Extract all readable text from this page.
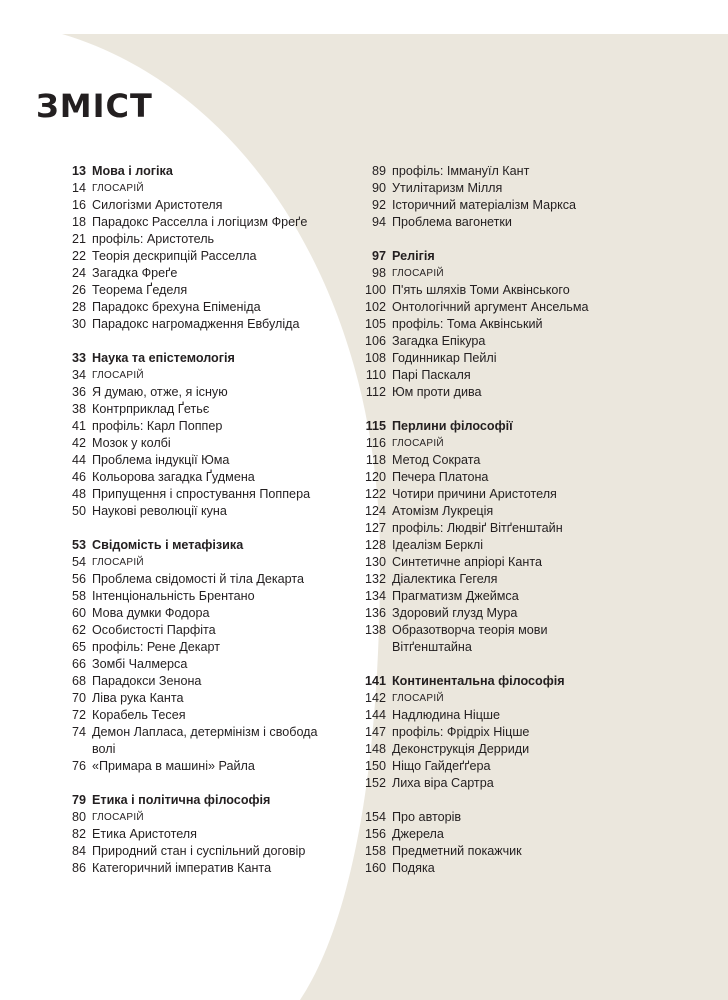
ЗМІСТ
13 Мова і логіка
14 ГЛОСАРІЙ
16 Силогізми Аристотеля
18 Парадокс Расселла і логіцизм Фреґе
21 профіль: Аристотель
22 Теорія дескрипцій Расселла
24 Загадка Фреґе
26 Теорема Ґеделя
28 Парадокс брехуна Епіменіда
30 Парадокс нагромадження Евбуліда
33 Наука та епістемологія
34 ГЛОСАРІЙ
36 Я думаю, отже, я існую
38 Контрприклад Ґетьє
41 профіль: Карл Поппер
42 Мозок у колбі
44 Проблема індукції Юма
46 Кольорова загадка Ґудмена
48 Припущення і спростування Поппера
50 Наукові революції куна
53 Свідомість і метафізика
54 ГЛОСАРІЙ
56 Проблема свідомості й тіла Декарта
58 Інтенціональність Брентано
60 Мова думки Фодора
62 Особистості Парфіта
65 профіль: Рене Декарт
66 Зомбі Чалмерса
68 Парадокси Зенона
70 Ліва рука Канта
72 Корабель Тесея
74 Демон Лапласа, детермінізм і свобода
волі
76 «Примара в машині» Райла
79 Етика і політична філософія
80 ГЛОСАРІЙ
82 Етика Аристотеля
84 Природний стан і суспільний договір
86 Категоричний імператив Канта
89 профіль: Іммануїл Кант
90 Утилітаризм Мілля
92 Історичний матеріалізм Маркса
94 Проблема вагонетки
97 Релігія
98 ГЛОСАРІЙ
100 П'ять шляхів Томи Аквінського
102 Онтологічний аргумент Ансельма
105 профіль: Тома Аквінський
106 Загадка Епікура
108 Годинникар Пейлі
110 Парі Паскаля
112 Юм проти дива
115 Перлини філософії
116 ГЛОСАРІЙ
118 Метод Сократа
120 Печера Платона
122 Чотири причини Аристотеля
124 Атомізм Лукреція
127 профіль: Людвіґ Вітґенштайн
128 Ідеалізм Берклі
130 Синтетичне апріорі Канта
132 Діалектика Гегеля
134 Прагматизм Джеймса
136 Здоровий глузд Мура
138 Образотворча теорія мови
Вітґенштайна
141 Континентальна філософія
142 ГЛОСАРІЙ
144 Надлюдина Ніцше
147 профіль: Фрідріх Ніцше
148 Деконструкція Дерриди
150 Ніщо Гайдеґґера
152 Лиха віра Сартра
154 Про авторів
156 Джерела
158 Предметний покажчик
160 Подяка
